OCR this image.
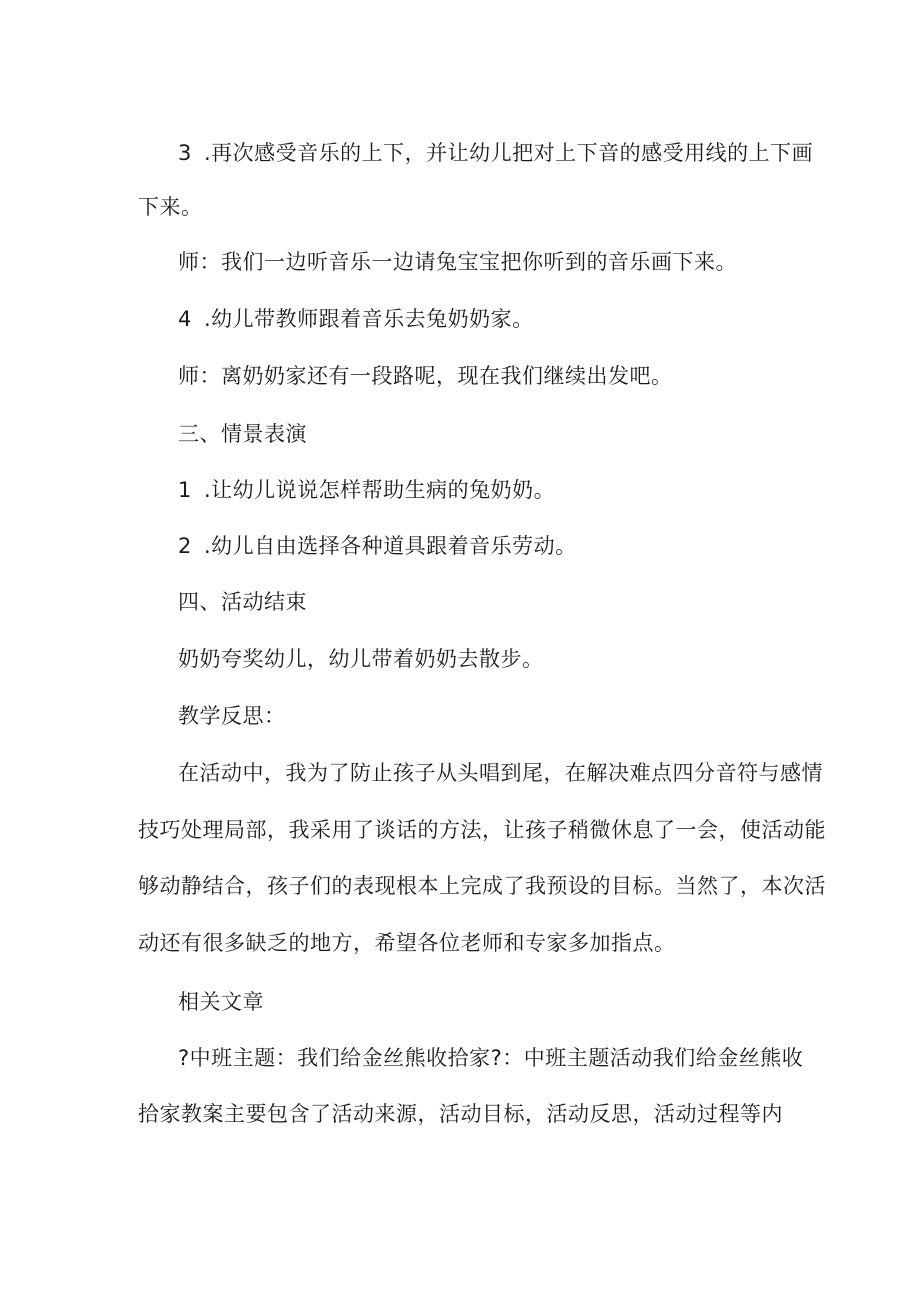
3 .再次感受音乐的上下，并让幼儿把对上下音的感受用线的上下画
下来。
师：我们一边听音乐一边请兔宝宝把你听到的音乐画下来。
4 .幼儿带教师跟着音乐去兔奶奶家。
师：离奶奶家还有一段路呢，现在我们继续出发吧。
三、情景表演
1 .让幼儿说说怎样帮助生病的兔奶奶。
2 .幼儿自由选择各种道具跟着音乐劳动。
四、活动结束
奶奶夸奖幼儿，幼儿带着奶奶去散步。
教学反思：
在活动中，我为了防止孩子从头唱到尾，在解决难点四分音符与感情
技巧处理局部，我采用了谈话的方法，让孩子稍微休息了一会，使活动能
够动静结合，孩子们的表现根本上完成了我预设的目标。当然了，本次活
动还有很多缺乏的地方，希望各位老师和专家多加指点。
相关文章
?中班主题：我们给金丝熊收拾家?：中班主题活动我们给金丝熊收
拾家教案主要包含了活动来源，活动目标，活动反思，活动过程等内
